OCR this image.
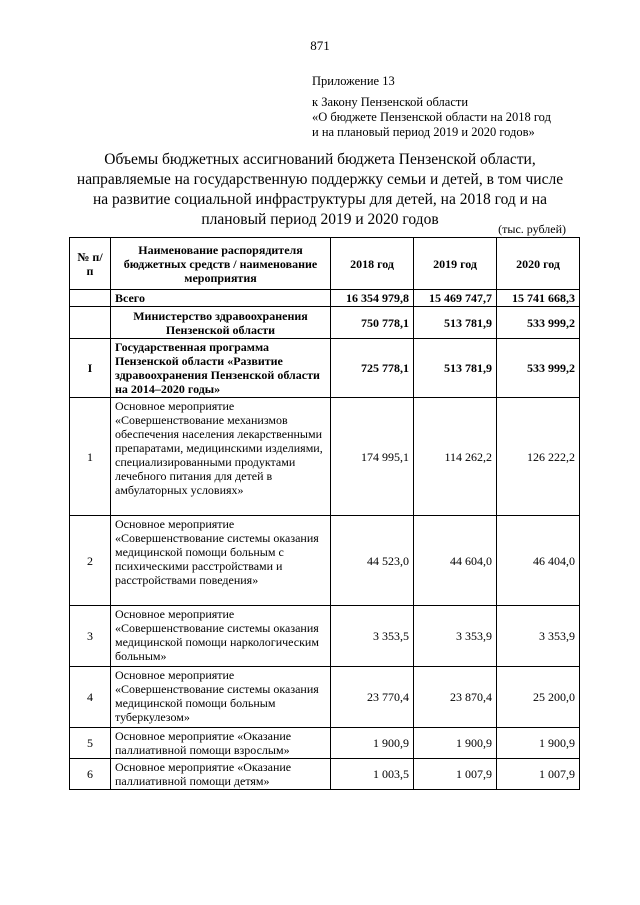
871
Приложение 13
к Закону Пензенской области
«О бюджете Пензенской области на 2018 год
и на плановый период 2019 и 2020 годов»
Объемы бюджетных ассигнований бюджета Пензенской области,
направляемые на государственную поддержку семьи и детей, в том числе
на развитие социальной инфраструктуры для детей, на 2018 год и на
плановый период 2019 и 2020 годов
(тыс. рублей)
№ п/п	Наименование распорядителя бюджетных средств / наименование мероприятия	2018 год	2019 год	2020 год
	Всего	16 354 979,8	15 469 747,7	15 741 668,3
	Министерство здравоохранения Пензенской области	750 778,1	513 781,9	533 999,2
I	Государственная программа Пензенской области «Развитие здравоохранения Пензенской области на 2014–2020 годы»	725 778,1	513 781,9	533 999,2
1	Основное мероприятие «Совершенствование механизмов обеспечения населения лекарственными препаратами, медицинскими изделиями, специализированными продуктами лечебного питания для детей в амбулаторных условиях»	174 995,1	114 262,2	126 222,2
2	Основное мероприятие «Совершенствование системы оказания медицинской помощи больным с психическими расстройствами и расстройствами поведения»	44 523,0	44 604,0	46 404,0
3	Основное мероприятие «Совершенствование системы оказания медицинской помощи наркологическим больным»	3 353,5	3 353,9	3 353,9
4	Основное мероприятие «Совершенствование системы оказания медицинской помощи больным туберкулезом»	23 770,4	23 870,4	25 200,0
5	Основное мероприятие «Оказание паллиативной помощи взрослым»	1 900,9	1 900,9	1 900,9
6	Основное мероприятие «Оказание паллиативной помощи детям»	1 003,5	1 007,9	1 007,9
